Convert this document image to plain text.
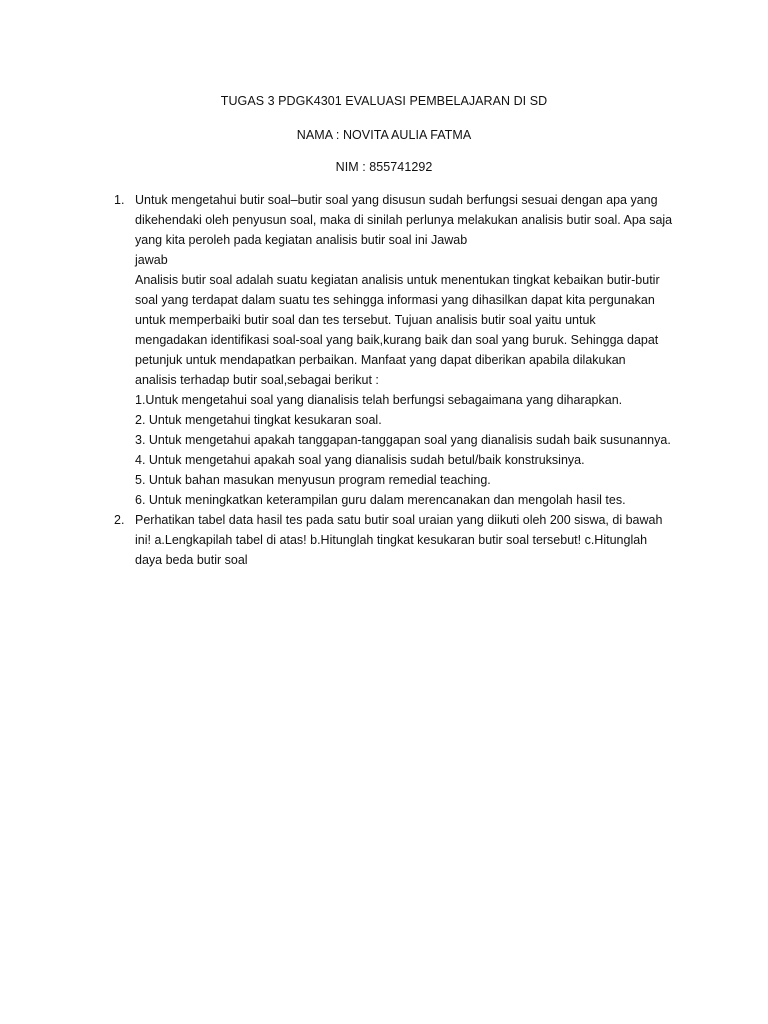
TUGAS 3 PDGK4301 EVALUASI PEMBELAJARAN DI SD
NAMA : NOVITA AULIA FATMA
NIM : 855741292
1. Untuk mengetahui butir soal–butir soal yang disusun sudah berfungsi sesuai dengan apa yang
dikehendaki oleh penyusun soal, maka di sinilah perlunya melakukan analisis butir soal. Apa saja
yang kita peroleh pada kegiatan analisis butir soal ini Jawab
jawab
Analisis butir soal adalah suatu kegiatan analisis untuk menentukan tingkat kebaikan butir-butir
soal yang terdapat dalam suatu tes sehingga informasi yang dihasilkan dapat kita pergunakan
untuk memperbaiki butir soal dan tes tersebut. Tujuan analisis butir soal yaitu untuk
mengadakan identifikasi soal-soal yang baik,kurang baik dan soal yang buruk. Sehingga dapat
petunjuk untuk mendapatkan perbaikan. Manfaat yang dapat diberikan apabila dilakukan
analisis terhadap butir soal,sebagai berikut :
1.Untuk mengetahui soal yang dianalisis telah berfungsi sebagaimana yang diharapkan.
2. Untuk mengetahui tingkat kesukaran soal.
3. Untuk mengetahui apakah tanggapan-tanggapan soal yang dianalisis sudah baik susunannya.
4. Untuk mengetahui apakah soal yang dianalisis sudah betul/baik konstruksinya.
5. Untuk bahan masukan menyusun program remedial teaching.
6. Untuk meningkatkan keterampilan guru dalam merencanakan dan mengolah hasil tes.
2. Perhatikan tabel data hasil tes pada satu butir soal uraian yang diikuti oleh 200 siswa, di bawah
ini! a.Lengkapilah tabel di atas! b.Hitunglah tingkat kesukaran butir soal tersebut! c.Hitunglah
daya beda butir soal
